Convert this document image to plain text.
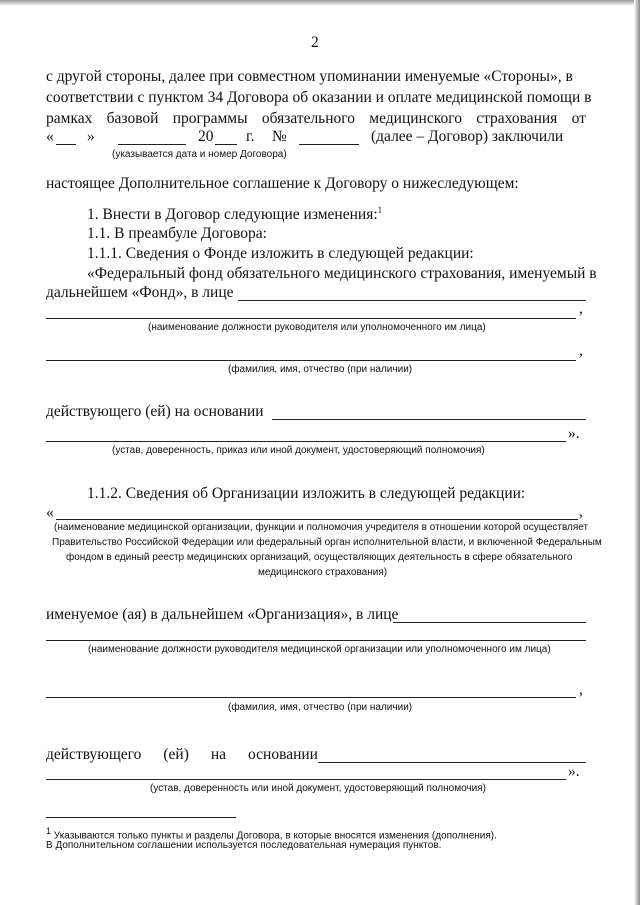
2
с другой стороны, далее при совместном упоминании именуемые «Стороны», в
соответствии с пунктом 34 Договора об оказании и оплате медицинской помощи в
рамках базовой программы обязательного медицинского страхования от
« »	20 г. №	(далее – Договор) заключили
(указывается дата и номер Договора)
настоящее Дополнительное соглашение к Договору о нижеследующем:
1. Внести в Договор следующие изменения:$^1$
1.1. В преамбуле Договора:
1.1.1. Сведения о Фонде изложить в следующей редакции:
«Федеральный фонд обязательного медицинского страхования, именуемый в
дальнейшем «Фонд», в лице
,
(наименование должности руководителя или уполномоченного им лица)
,
(фамилия, имя, отчество (при наличии)
действующего (ей) на основании
».
(устав, доверенность, приказ или иной документ, удостоверяющий полномочия)
1.1.2. Сведения об Организации изложить в следующей редакции:
«	,
(наименование медицинской организации, функции и полномочия учредителя в отношении которой осуществляет
Правительство Российской Федерации или федеральный орган исполнительной власти, и включенной Федеральным
фондом в единый реестр медицинских организаций, осуществляющих деятельность в сфере обязательного
медицинского страхования)
именуемое (ая) в дальнейшем «Организация», в лице
(наименование должности руководителя медицинской организации или уполномоченного им лица)
,
(фамилия, имя, отчество (при наличии)
действующего (ей) на основании
».
(устав, доверенность или иной документ, удостоверяющий полномочия)
$^1$ Указываются только пункты и разделы Договора, в которые вносятся изменения (дополнения).
В Дополнительном соглашении используется последовательная нумерация пунктов.
